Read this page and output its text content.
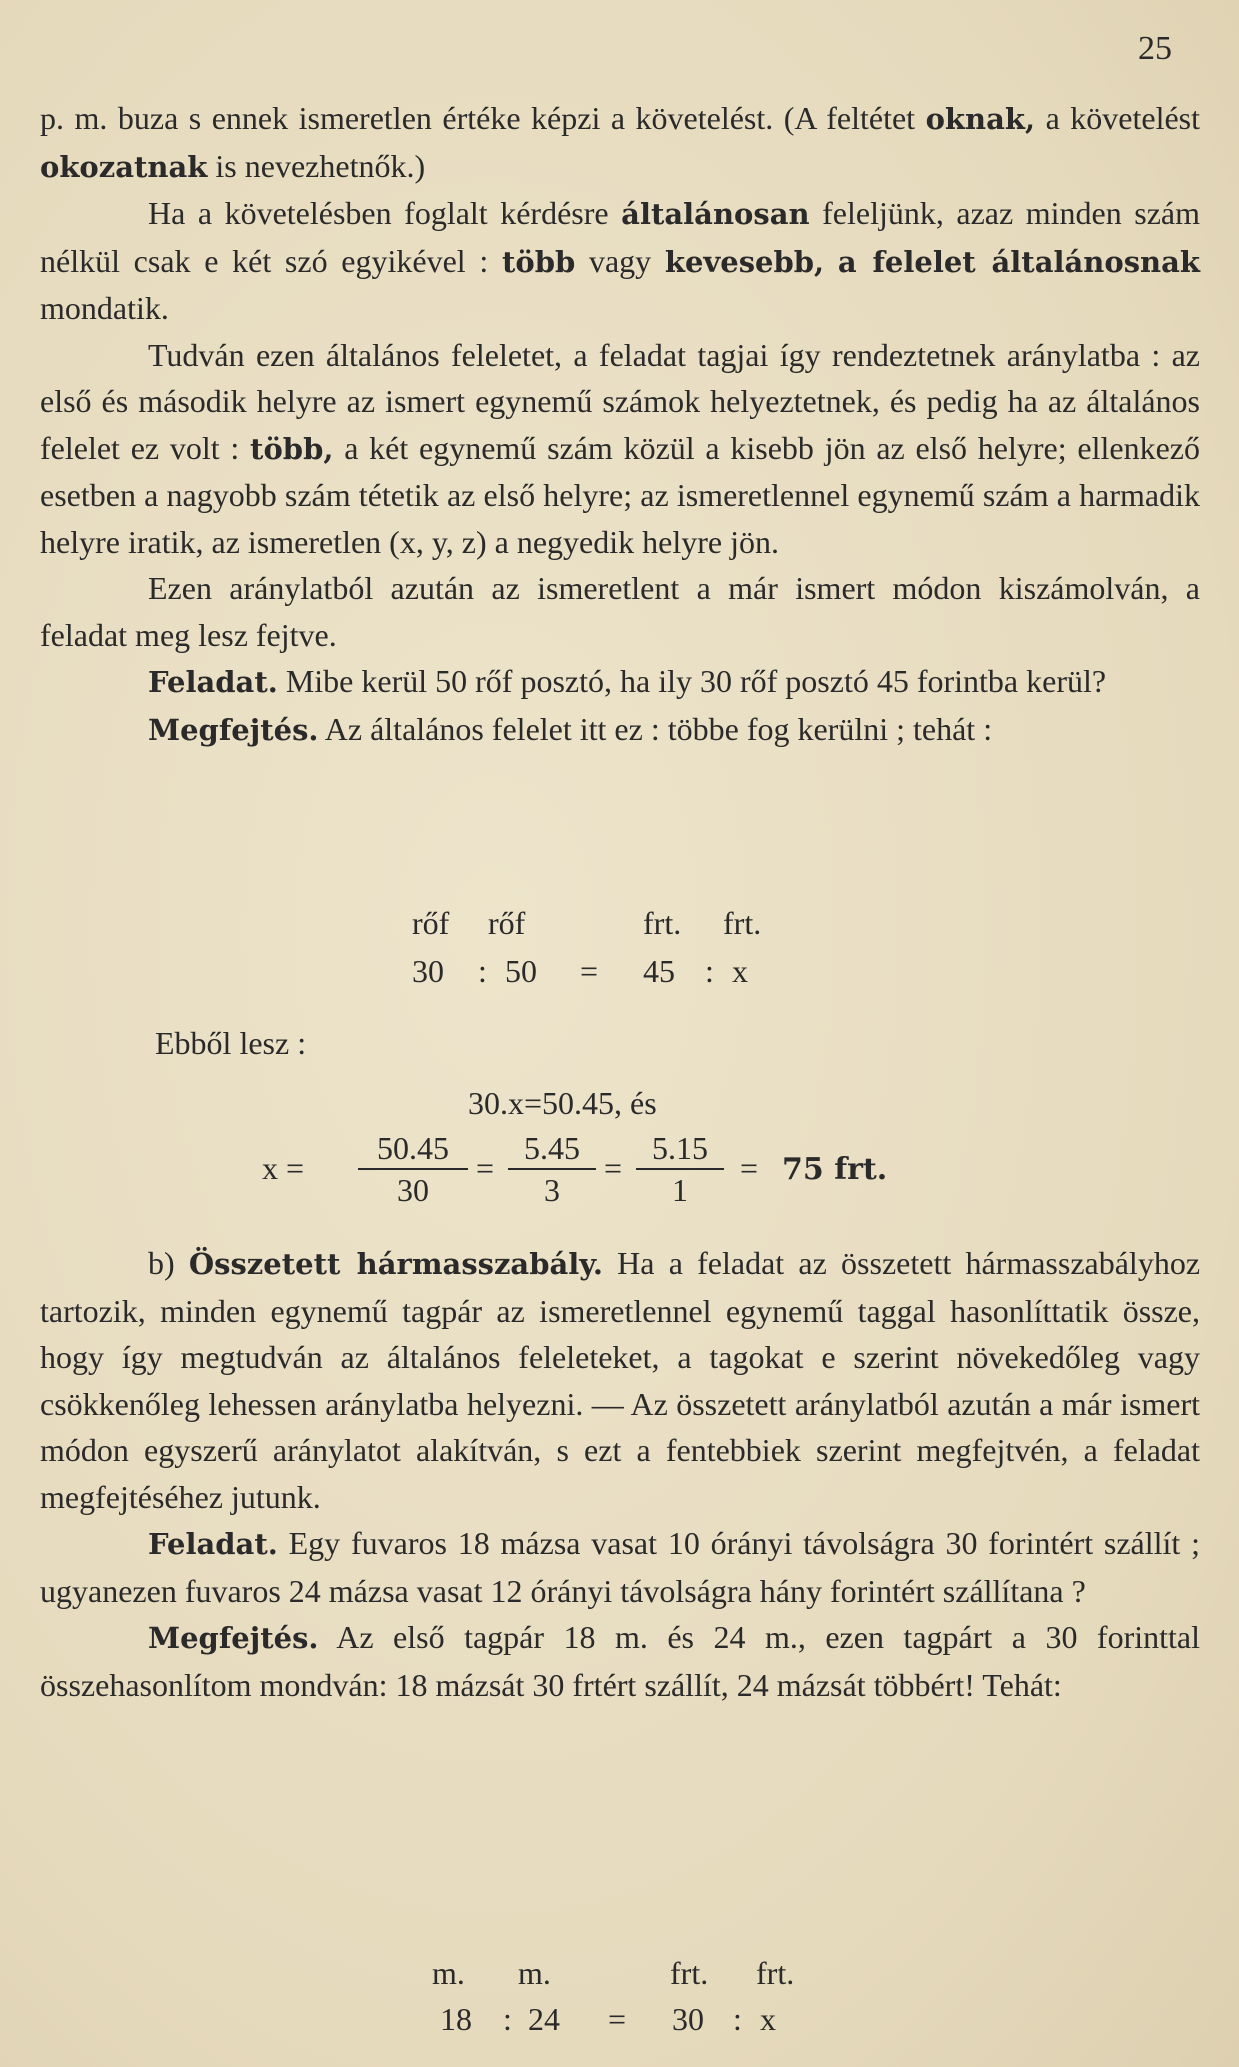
25

p. m. buza s ennek ismeretlen értéke képzi a követelést. (A feltétet oknak, a követelést okozatnak is nevezhetnők.)

Ha a követelésben foglalt kérdésre általánosan feleljünk, azaz minden szám nélkül csak e két szó egyikével : több vagy kevesebb, a felelet általánosnak mondatik.

Tudván ezen általános feleletet, a feladat tagjai így rendeztetnek aránylatba : az első és második helyre az ismert egynemű számok helyeztetnek, és pedig ha az általános felelet ez volt : több, a két egynemű szám közül a kisebb jön az első helyre; ellenkező esetben a nagyobb szám tétetik az első helyre; az ismeretlennel egynemű szám a harmadik helyre iratik, az ismeretlen (x, y, z) a negyedik helyre jön.

Ezen aránylatból azután az ismeretlent a már ismert módon kiszámolván, a feladat meg lesz fejtve.

Feladat. Mibe kerül 50 rőf posztó, ha ily 30 rőf posztó 45 forintba kerül?

Megfejtés. Az általános felelet itt ez : többe fog kerülni ; tehát :

rőf rőf	frt. frt.
30 : 50 = 45 : x
Ebből lesz :
30.x=50.45, és
$x = \frac{50.45}{30} = \frac{5.45}{3} = \frac{5.15}{1} = 75$ frt.

b) Összetett hármasszabály. Ha a feladat az összetett hármasszabályhoz tartozik, minden egynemű tagpár az ismeretlennel egynemű taggal hasonlíttatik össze, hogy így megtudván az általános feleleteket, a tagokat e szerint növekedőleg vagy csökkenőleg lehessen aránylatba helyezni. — Az összetett aránylatból azután a már ismert módon egyszerű aránylatot alakítván, s ezt a fentebbiek szerint megfejtvén, a feladat megfejtéséhez jutunk.

Feladat. Egy fuvaros 18 mázsa vasat 10 órányi távolságra 30 forintért szállít ; ugyanezen fuvaros 24 mázsa vasat 12 órányi távolságra hány forintért szállítana ?

Megfejtés. Az első tagpár 18 m. és 24 m., ezen tagpárt a 30 forinttal összehasonlítom mondván: 18 mázsát 30 frtért szállít, 24 mázsát többért! Tehát:

m. m.	frt. frt.
18 : 24 = 30 : x
